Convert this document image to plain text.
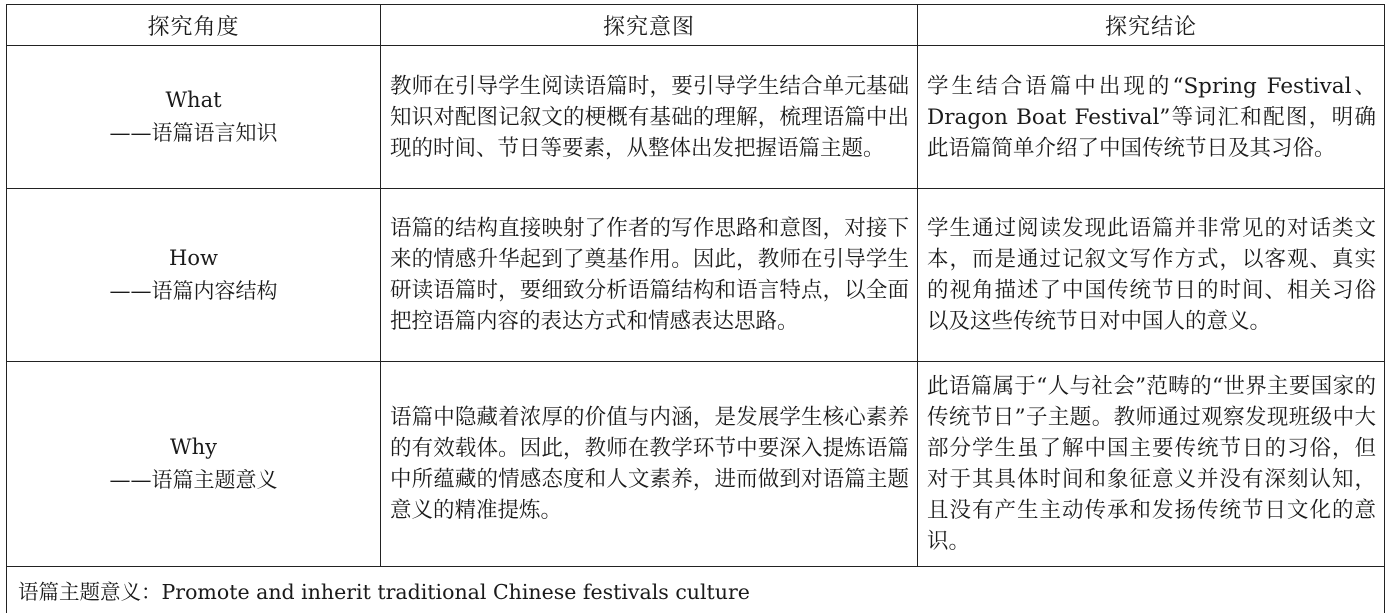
探究角度	探究意图	探究结论

What
——语篇语言知识	教师在引导学生阅读语篇时，要引导学生结合单元基础知识对配图记叙文的梗概有基础的理解，梳理语篇中出现的时间、节日等要素，从整体出发把握语篇主题。	学生结合语篇中出现的“Spring Festival、Dragon Boat Festival”等词汇和配图，明确此语篇简单介绍了中国传统节日及其习俗。

How
——语篇内容结构	语篇的结构直接映射了作者的写作思路和意图，对接下来的情感升华起到了奠基作用。因此，教师在引导学生研读语篇时，要细致分析语篇结构和语言特点，以全面把控语篇内容的表达方式和情感表达思路。	学生通过阅读发现此语篇并非常见的对话类文本，而是通过记叙文写作方式，以客观、真实的视角描述了中国传统节日的时间、相关习俗以及这些传统节日对中国人的意义。

Why
——语篇主题意义	语篇中隐藏着浓厚的价值与内涵，是发展学生核心素养的有效载体。因此，教师在教学环节中要深入提炼语篇中所蕴藏的情感态度和人文素养，进而做到对语篇主题意义的精准提炼。	此语篇属于“人与社会”范畴的“世界主要国家的传统节日”子主题。教师通过观察发现班级中大部分学生虽了解中国主要传统节日的习俗，但对于其具体时间和象征意义并没有深刻认知，且没有产生主动传承和发扬传统节日文化的意识。
语篇主题意义：Promote and inherit traditional Chinese festivals culture		
